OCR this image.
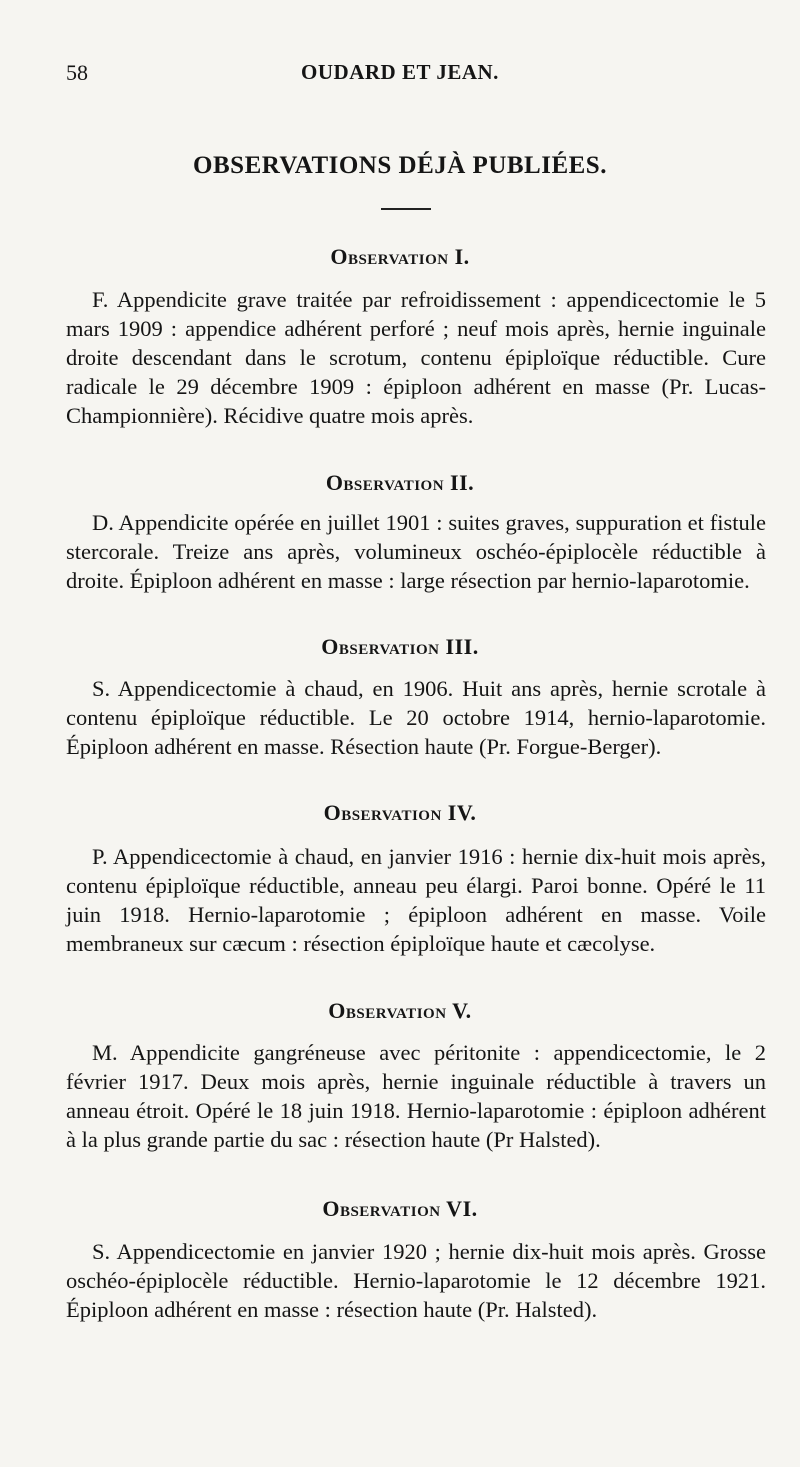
58	OUDARD ET JEAN.
OBSERVATIONS DÉJÀ PUBLIÉES.
Observation I.

F. Appendicite grave traitée par refroidissement : appendicectomie le 5 mars 1909 : appendice adhérent perforé ; neuf mois après, hernie inguinale droite descendant dans le scrotum, contenu épiploïque réductible. Cure radicale le 29 décembre 1909 : épiploon adhérent en masse (Pr. Lucas-Championnière). Récidive quatre mois après.

Observation II.

D. Appendicite opérée en juillet 1901 : suites graves, suppuration et fistule stercorale. Treize ans après, volumineux oschéo-épiplocèle réductible à droite. Épiploon adhérent en masse : large résection par hernio-laparotomie.

Observation III.

S. Appendicectomie à chaud, en 1906. Huit ans après, hernie scrotale à contenu épiploïque réductible. Le 20 octobre 1914, hernio-laparotomie. Épiploon adhérent en masse. Résection haute (Pr. Forgue-Berger).

Observation IV.

P. Appendicectomie à chaud, en janvier 1916 : hernie dix-huit mois après, contenu épiploïque réductible, anneau peu élargi. Paroi bonne. Opéré le 11 juin 1918. Hernio-laparotomie ; épiploon adhérent en masse. Voile membraneux sur cæcum : résection épiploïque haute et cæcolyse.

Observation V.

M. Appendicite gangréneuse avec péritonite : appendicectomie, le 2 février 1917. Deux mois après, hernie inguinale réductible à travers un anneau étroit. Opéré le 18 juin 1918. Hernio-laparotomie : épiploon adhérent à la plus grande partie du sac : résection haute (Pr Halsted).

Observation VI.

S. Appendicectomie en janvier 1920 ; hernie dix-huit mois après. Grosse oschéo-épiplocèle réductible. Hernio-laparotomie le 12 décembre 1921. Épiploon adhérent en masse : résection haute (Pr. Halsted).
